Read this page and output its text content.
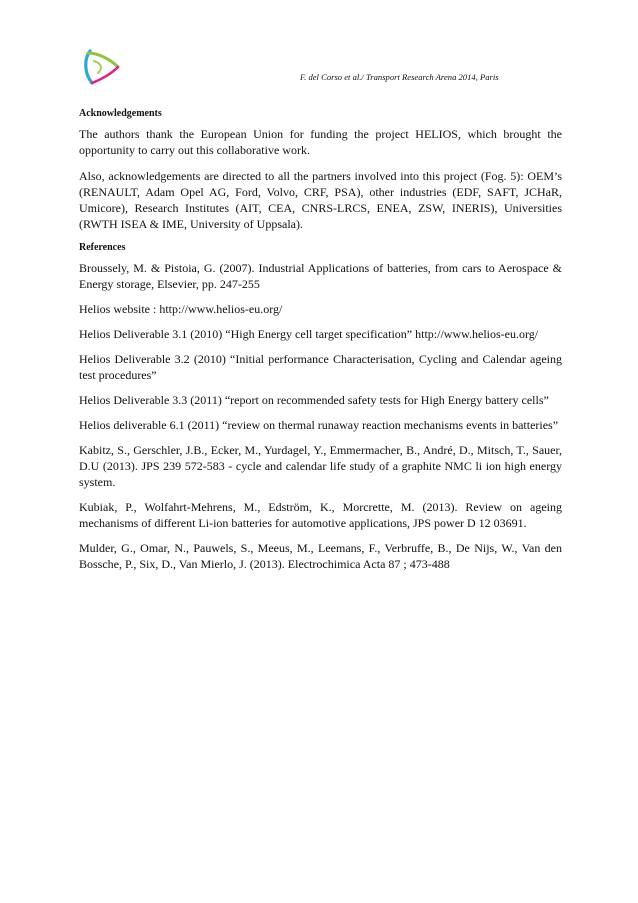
F. del Corso et al./ Transport Research Arena 2014, Paris
Acknowledgements

The authors thank the European Union for funding the project HELIOS, which brought the opportunity to carry out this collaborative work.

Also, acknowledgements are directed to all the partners involved into this project (Fog. 5): OEM’s (RENAULT, Adam Opel AG, Ford, Volvo, CRF, PSA), other industries (EDF, SAFT, JCHaR, Umicore), Research Institutes (AIT, CEA, CNRS-LRCS, ENEA, ZSW, INERIS), Universities (RWTH ISEA & IME, University of Uppsala).

References

Broussely, M. & Pistoia, G. (2007). Industrial Applications of batteries, from cars to Aerospace & Energy storage, Elsevier, pp. 247-255

Helios website : http://www.helios-eu.org/

Helios Deliverable 3.1 (2010) “High Energy cell target specification” http://www.helios-eu.org/

Helios Deliverable 3.2 (2010) “Initial performance Characterisation, Cycling and Calendar ageing test procedures”

Helios Deliverable 3.3 (2011) “report on recommended safety tests for High Energy battery cells”

Helios deliverable 6.1 (2011) “review on thermal runaway reaction mechanisms events in batteries”

Kabitz, S., Gerschler, J.B., Ecker, M., Yurdagel, Y., Emmermacher, B., André, D., Mitsch, T., Sauer, D.U (2013). JPS 239 572-583 - cycle and calendar life study of a graphite NMC li ion high energy system.

Kubiak, P., Wolfahrt-Mehrens, M., Edström, K., Morcrette, M. (2013). Review on ageing mechanisms of different Li-ion batteries for automotive applications, JPS power D 12 03691.

Mulder, G., Omar, N., Pauwels, S., Meeus, M., Leemans, F., Verbruffe, B., De Nijs, W., Van den Bossche, P., Six, D., Van Mierlo, J. (2013). Electrochimica Acta 87 ; 473-488
